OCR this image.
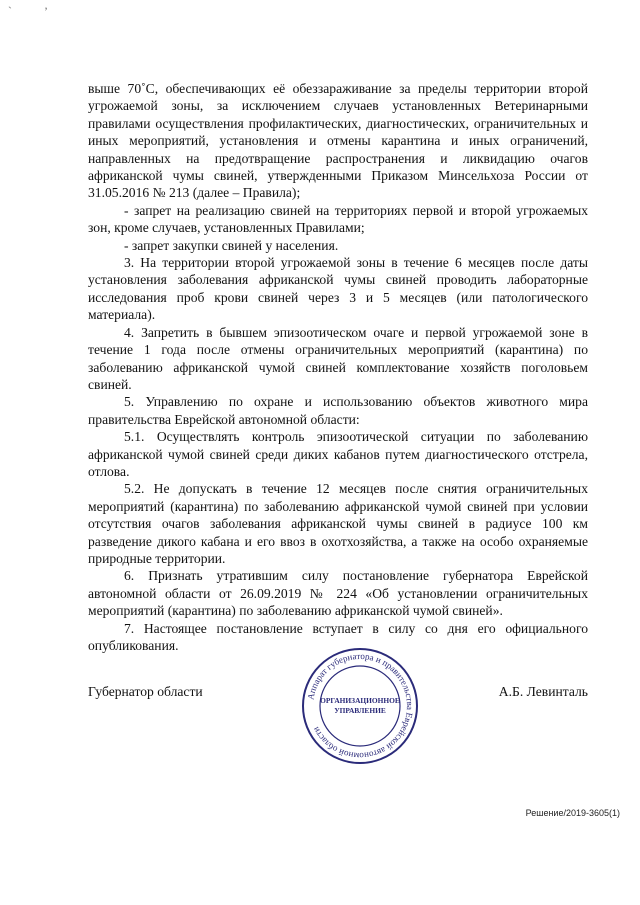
`	’

выше 70˚С, обеспечивающих её обеззараживание за пределы территории второй угрожаемой зоны, за исключением случаев установленных Ветеринарными правилами осуществления профилактических, диагностических, ограничительных и иных мероприятий, установления и отмены карантина и иных ограничений, направленных на предотвращение распространения и ликвидацию очагов африканской чумы свиней, утвержденными Приказом Минсельхоза России от 31.05.2016 № 213 (далее – Правила);

- запрет на реализацию свиней на территориях первой и второй угрожаемых зон, кроме случаев, установленных Правилами;

- запрет закупки свиней у населения.

3. На территории второй угрожаемой зоны в течение 6 месяцев после даты установления заболевания африканской чумы свиней проводить лабораторные исследования проб крови свиней через 3 и 5 месяцев (или патологического материала).

4. Запретить в бывшем эпизоотическом очаге и первой угрожаемой зоне в течение 1 года после отмены ограничительных мероприятий (карантина) по заболеванию африканской чумой свиней комплектование хозяйств поголовьем свиней.

5. Управлению по охране и использованию объектов животного мира правительства Еврейской автономной области:

5.1. Осуществлять контроль эпизоотической ситуации по заболеванию африканской чумой свиней среди диких кабанов путем диагностического отстрела, отлова.

5.2. Не допускать в течение 12 месяцев после снятия ограничительных мероприятий (карантина) по заболеванию африканской чумой свиней при условии отсутствия очагов заболевания африканской чумы свиней в радиусе 100 км разведение дикого кабана и его ввоз в охотхозяйства, а также на особо охраняемые природные территории.

6. Признать утратившим силу постановление губернатора Еврейской автономной области от 26.09.2019 № 224 «Об установлении ограничительных мероприятий (карантина) по заболеванию африканской чумой свиней».

7. Настоящее постановление вступает в силу со дня его официального опубликования.

Губернатор области	А.Б. Левинталь
Аппарат губернатора и правительства Еврейской автономной области
ОРГАНИЗАЦИОННОЕ
УПРАВЛЕНИЕ
Решение/2019-3605(1)
